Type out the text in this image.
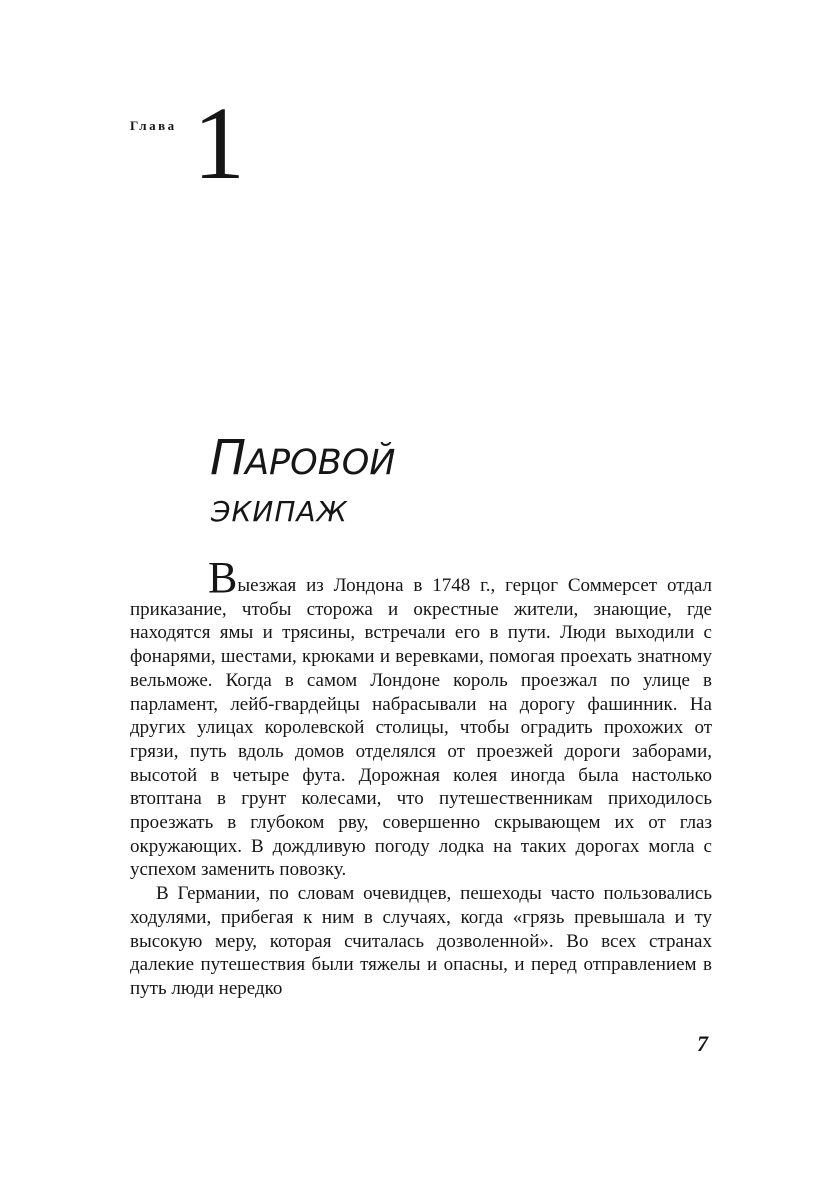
Глава 1
ПАРОВОЙ
ЭКИПАЖ

Выезжая из Лондона в 1748 г., герцог Соммерсет отдал приказание, чтобы сторожа и окрестные жители, знающие, где находятся ямы и трясины, встречали его в пути. Люди выходили с фонарями, шестами, крюками и веревками, помогая проехать знатному вельможе. Когда в самом Лондоне король проезжал по улице в парламент, лейб-гвардейцы набрасывали на дорогу фашинник. На других улицах королевской столицы, чтобы оградить прохожих от грязи, путь вдоль домов отделялся от проезжей дороги заборами, высотой в четыре фута. Дорожная колея иногда была настолько втоптана в грунт колесами, что путешественникам приходилось проезжать в глубоком рву, совершенно скрывающем их от глаз окружающих. В дождливую погоду лодка на таких дорогах могла с успехом заменить повозку.

В Германии, по словам очевидцев, пешеходы часто пользовались ходулями, прибегая к ним в случаях, когда «грязь превышала и ту высокую меру, которая считалась дозволенной». Во всех странах далекие путешествия были тяжелы и опасны, и перед отправлением в путь люди нередко

7
